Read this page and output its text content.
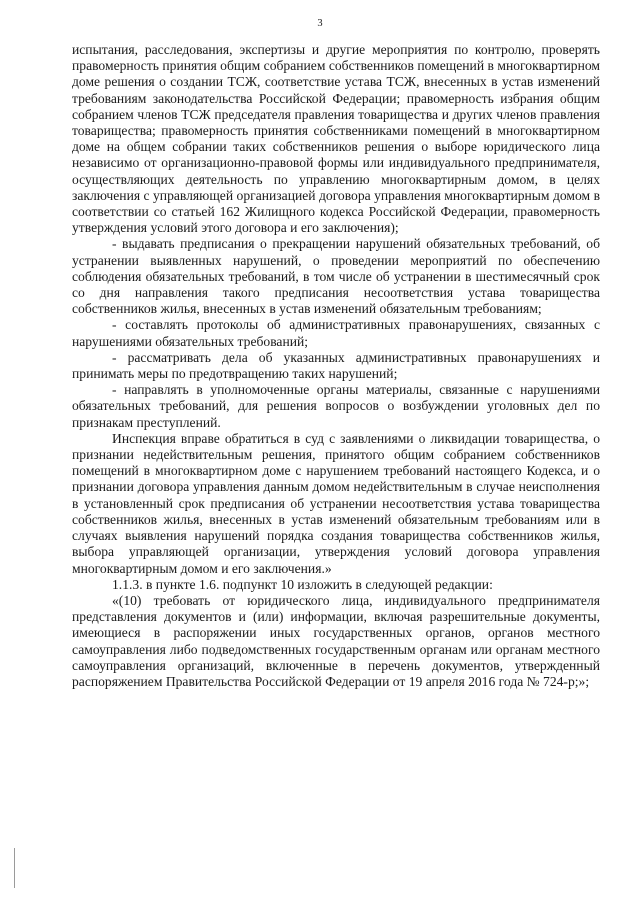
3

испытания, расследования, экспертизы и другие мероприятия по контролю, проверять правомерность принятия общим собранием собственников помещений в многоквартирном доме решения о создании ТСЖ, соответствие устава ТСЖ, внесенных в устав изменений требованиям законодательства Российской Федерации; правомерность избрания общим собранием членов ТСЖ председателя правления товарищества и других членов правления товарищества; правомерность принятия собственниками помещений в многоквартирном доме на общем собрании таких собственников решения о выборе юридического лица независимо от организационно-правовой формы или индивидуального предпринимателя, осуществляющих деятельность по управлению многоквартирным домом, в целях заключения с управляющей организацией договора управления многоквартирным домом в соответствии со статьей 162 Жилищного кодекса Российской Федерации, правомерность утверждения условий этого договора и его заключения);

- выдавать предписания о прекращении нарушений обязательных требований, об устранении выявленных нарушений, о проведении мероприятий по обеспечению соблюдения обязательных требований, в том числе об устранении в шестимесячный срок со дня направления такого предписания несоответствия устава товарищества собственников жилья, внесенных в устав изменений обязательным требованиям;

- составлять протоколы об административных правонарушениях, связанных с нарушениями обязательных требований;

- рассматривать дела об указанных административных правонарушениях и принимать меры по предотвращению таких нарушений;

- направлять в уполномоченные органы материалы, связанные с нарушениями обязательных требований, для решения вопросов о возбуждении уголовных дел по признакам преступлений.

Инспекция вправе обратиться в суд с заявлениями о ликвидации товарищества, о признании недействительным решения, принятого общим собранием собственников помещений в многоквартирном доме с нарушением требований настоящего Кодекса, и о признании договора управления данным домом недействительным в случае неисполнения в установленный срок предписания об устранении несоответствия устава товарищества собственников жилья, внесенных в устав изменений обязательным требованиям или в случаях выявления нарушений порядка создания товарищества собственников жилья, выбора управляющей организации, утверждения условий договора управления многоквартирным домом и его заключения.»

1.1.3. в пункте 1.6. подпункт 10 изложить в следующей редакции:

«(10) требовать от юридического лица, индивидуального предпринимателя представления документов и (или) информации, включая разрешительные документы, имеющиеся в распоряжении иных государственных органов, органов местного самоуправления либо подведомственных государственным органам или органам местного самоуправления организаций, включенные в перечень документов, утвержденный распоряжением Правительства Российской Федерации от 19 апреля 2016 года № 724-р;»;
